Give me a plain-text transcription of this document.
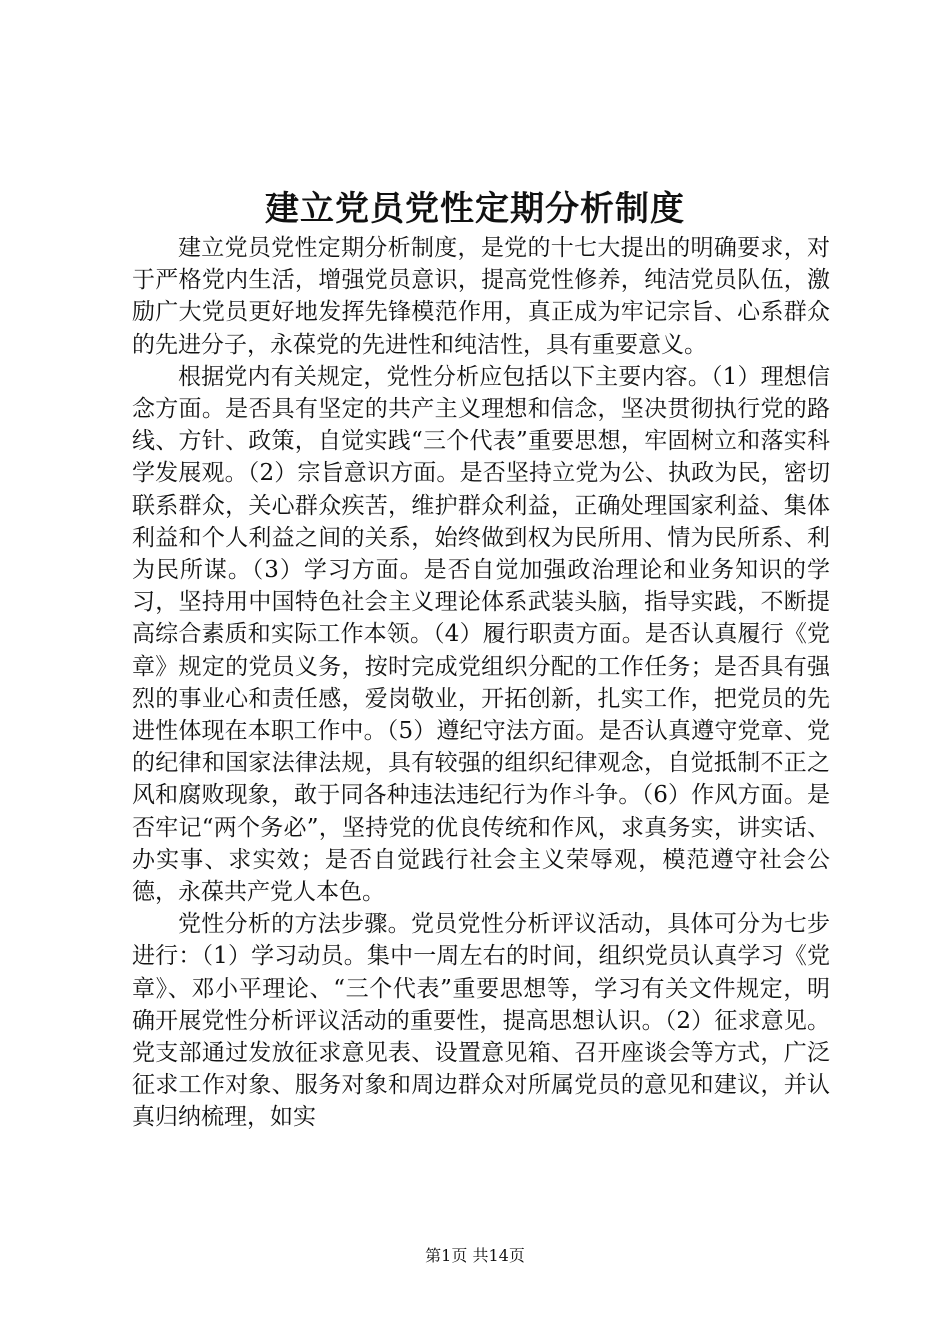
建立党员党性定期分析制度

建立党员党性定期分析制度，是党的十七大提出的明确要求，对于严格党内生活，增强党员意识，提高党性修养，纯洁党员队伍，激励广大党员更好地发挥先锋模范作用，真正成为牢记宗旨、心系群众的先进分子，永葆党的先进性和纯洁性，具有重要意义。

根据党内有关规定，党性分析应包括以下主要内容。（1）理想信念方面。是否具有坚定的共产主义理想和信念，坚决贯彻执行党的路线、方针、政策，自觉实践“三个代表”重要思想，牢固树立和落实科学发展观。（2）宗旨意识方面。是否坚持立党为公、执政为民，密切联系群众，关心群众疾苦，维护群众利益，正确处理国家利益、集体利益和个人利益之间的关系，始终做到权为民所用、情为民所系、利为民所谋。（3）学习方面。是否自觉加强政治理论和业务知识的学习，坚持用中国特色社会主义理论体系武装头脑，指导实践，不断提高综合素质和实际工作本领。（4）履行职责方面。是否认真履行《党章》规定的党员义务，按时完成党组织分配的工作任务；是否具有强烈的事业心和责任感，爱岗敬业，开拓创新，扎实工作，把党员的先进性体现在本职工作中。（5）遵纪守法方面。是否认真遵守党章、党的纪律和国家法律法规，具有较强的组织纪律观念，自觉抵制不正之风和腐败现象，敢于同各种违法违纪行为作斗争。（6）作风方面。是否牢记“两个务必”，坚持党的优良传统和作风，求真务实，讲实话、办实事、求实效；是否自觉践行社会主义荣辱观，模范遵守社会公德，永葆共产党人本色。

党性分析的方法步骤。党员党性分析评议活动，具体可分为七步进行：（1）学习动员。集中一周左右的时间，组织党员认真学习《党章》、邓小平理论、“三个代表”重要思想等，学习有关文件规定，明确开展党性分析评议活动的重要性，提高思想认识。（2）征求意见。党支部通过发放征求意见表、设置意见箱、召开座谈会等方式，广泛征求工作对象、服务对象和周边群众对所属党员的意见和建议，并认真归纳梳理，如实

第1页 共14页
